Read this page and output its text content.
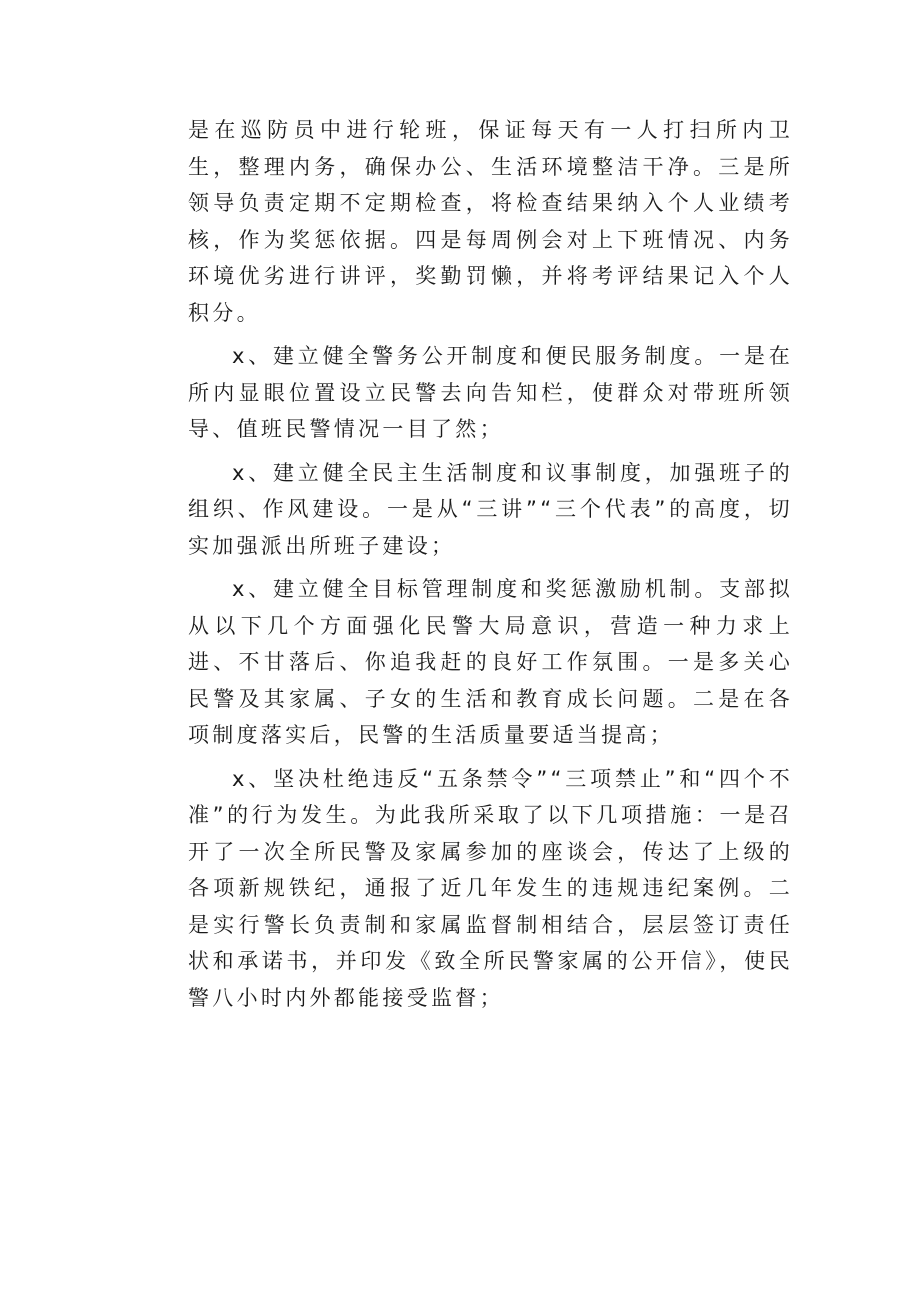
是在巡防员中进行轮班，保证每天有一人打扫所内卫生，整理内务，确保办公、生活环境整洁干净。三是所领导负责定期不定期检查，将检查结果纳入个人业绩考核，作为奖惩依据。四是每周例会对上下班情况、内务环境优劣进行讲评，奖勤罚懒，并将考评结果记入个人积分。

x、建立健全警务公开制度和便民服务制度。一是在所内显眼位置设立民警去向告知栏，使群众对带班所领导、值班民警情况一目了然；

x、建立健全民主生活制度和议事制度，加强班子的组织、作风建设。一是从“三讲”“三个代表”的高度，切实加强派出所班子建设；

x、建立健全目标管理制度和奖惩激励机制。支部拟从以下几个方面强化民警大局意识，营造一种力求上进、不甘落后、你追我赶的良好工作氛围。一是多关心民警及其家属、子女的生活和教育成长问题。二是在各项制度落实后，民警的生活质量要适当提高；

x、坚决杜绝违反“五条禁令”“三项禁止”和“四个不准”的行为发生。为此我所采取了以下几项措施：一是召开了一次全所民警及家属参加的座谈会，传达了上级的各项新规铁纪，通报了近几年发生的违规违纪案例。二是实行警长负责制和家属监督制相结合，层层签订责任状和承诺书，并印发《致全所民警家属的公开信》，使民警八小时内外都能接受监督；
